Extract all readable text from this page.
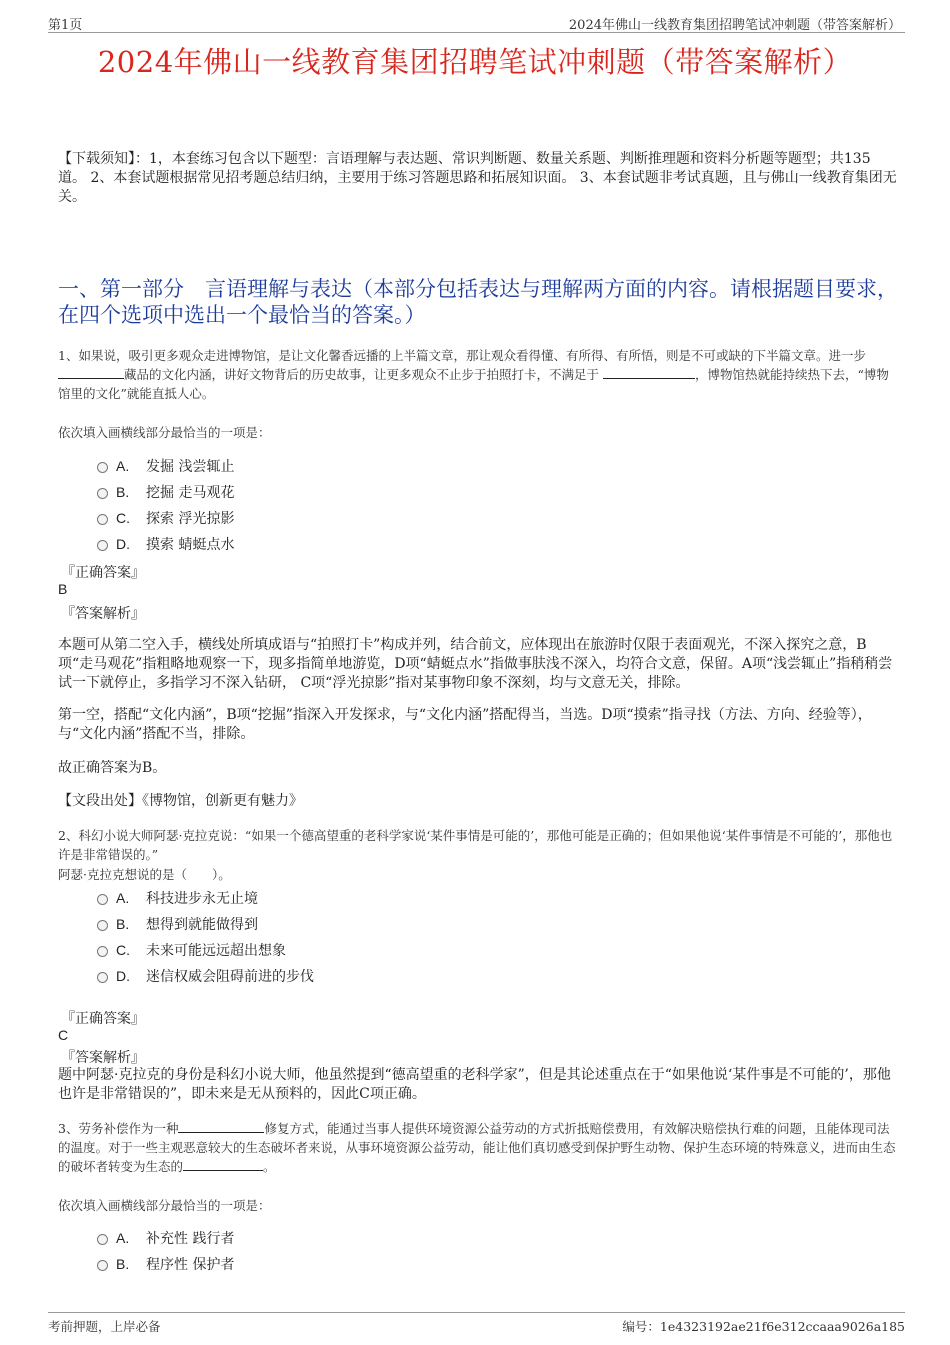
第1页	2024年佛山一线教育集团招聘笔试冲刺题（带答案解析）
2024年佛山一线教育集团招聘笔试冲刺题（带答案解析）
【下载须知】：1，本套练习包含以下题型：言语理解与表达题、常识判断题、数量关系题、判断推理题和资料分析题等题型；共135道。 2、本套试题根据常见招考题总结归纳，主要用于练习答题思路和拓展知识面。 3、本套试题非考试真题，且与佛山一线教育集团无关。
一、第一部分　言语理解与表达（本部分包括表达与理解两方面的内容。请根据题目要求，在四个选项中选出一个最恰当的答案。）
1、如果说，吸引更多观众走进博物馆，是让文化馨香远播的上半篇文章，那让观众看得懂、有所得、有所悟，则是不可或缺的下半篇文章。进一步 藏品的文化内涵，讲好文物背后的历史故事，让更多观众不止步于拍照打卡，不满足于	，博物馆热就能持续热下去，“博物馆里的文化”就能直抵人心。
依次填入画横线部分最恰当的一项是：
A. 发掘 浅尝辄止
B. 挖掘 走马观花
C. 探索 浮光掠影
D. 摸索 蜻蜓点水
『正确答案』
B
『答案解析』
本题可从第二空入手，横线处所填成语与“拍照打卡”构成并列，结合前文，应体现出在旅游时仅限于表面观光，不深入探究之意，B项“走马观花”指粗略地观察一下，现多指简单地游览，D项“蜻蜓点水”指做事肤浅不深入，均符合文意，保留。A项“浅尝辄止”指稍稍尝试一下就停止，多指学习不深入钻研， C项“浮光掠影”指对某事物印象不深刻，均与文意无关，排除。
第一空，搭配“文化内涵”，B项“挖掘”指深入开发探求，与“文化内涵”搭配得当，当选。D项“摸索”指寻找（方法、方向、经验等），与“文化内涵”搭配不当，排除。
故正确答案为B。
【文段出处】《博物馆，创新更有魅力》
2、科幻小说大师阿瑟·克拉克说：“如果一个德高望重的老科学家说‘某件事情是可能的’，那他可能是正确的；但如果他说‘某件事情是不可能的’，那他也许是非常错误的。”
阿瑟·克拉克想说的是（　　）。
A. 科技进步永无止境
B. 想得到就能做得到
C. 未来可能远远超出想象
D. 迷信权威会阻碍前进的步伐
『正确答案』
C
『答案解析』
题中阿瑟·克拉克的身份是科幻小说大师，他虽然提到“德高望重的老科学家”，但是其论述重点在于“如果他说‘某件事是不可能的’，那他也许是非常错误的”，即未来是无从预料的，因此C项正确。
3、劳务补偿作为一种	修复方式，能通过当事人提供环境资源公益劳动的方式折抵赔偿费用，有效解决赔偿执行难的问题，且能体现司法的温度。对于一些主观恶意较大的生态破坏者来说，从事环境资源公益劳动，能让他们真切感受到保护野生动物、保护生态环境的特殊意义，进而由生态的破坏者转变为生态的	。
依次填入画横线部分最恰当的一项是：
A. 补充性 践行者
B. 程序性 保护者
考前押题，上岸必备	编号：1e4323192ae21f6e312ccaaa9026a185
